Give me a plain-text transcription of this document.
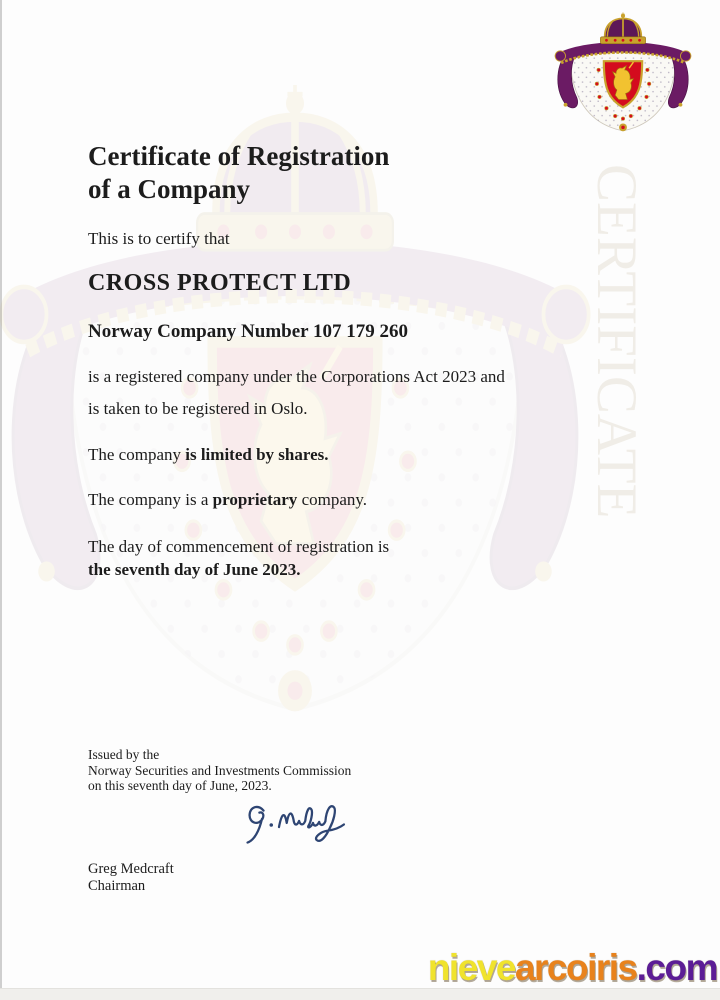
CERTIFICATE
Certificate of Registration
of a Company
This is to certify that
CROSS PROTECT LTD
Norway Company Number 107 179 260
is a registered company under the Corporations Act 2023 and
is taken to be registered in Oslo.
The company is limited by shares.
The company is a proprietary company.
The day of commencement of registration is
the seventh day of June 2023.
Issued by the
Norway Securities and Investments Commission
on this seventh day of June, 2023.
Greg Medcraft
Chairman
nievearcoiris.com
